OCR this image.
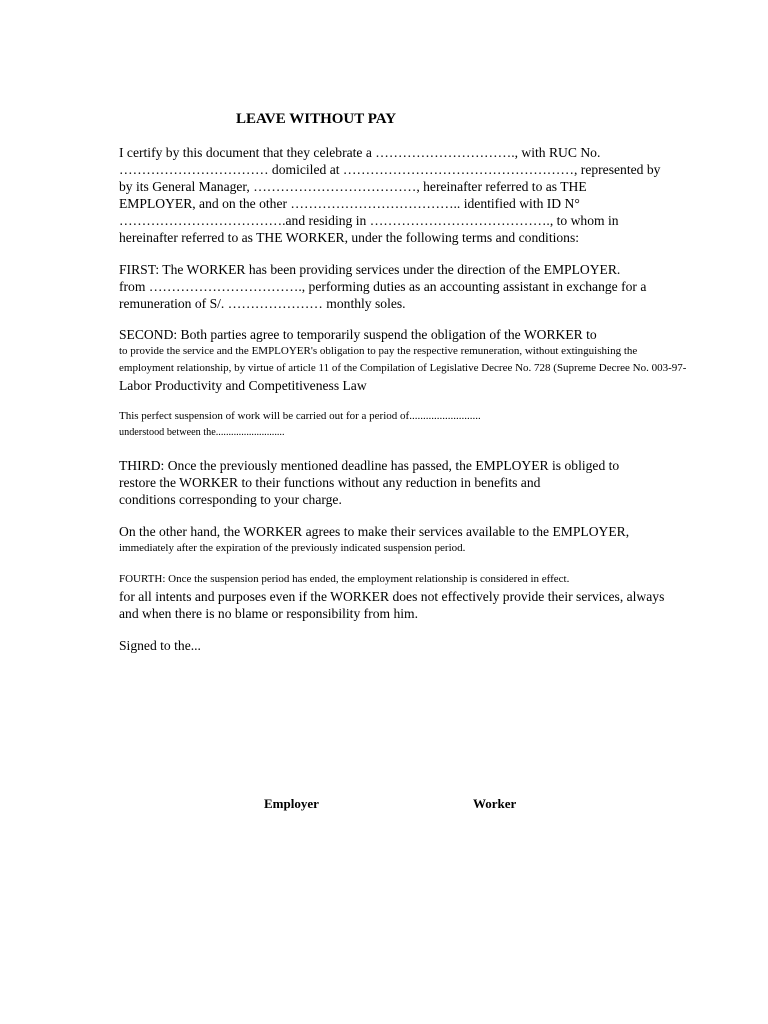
LEAVE WITHOUT PAY
I certify by this document that they celebrate a …………………………., with RUC No.
…………………………… domiciled at ……………………………………………, represented by
by its General Manager, ………………………………, hereinafter referred to as THE
EMPLOYER, and on the other ……………………………….. identified with ID N°
……………………………….and residing in …………………………………., to whom in
hereinafter referred to as THE WORKER, under the following terms and conditions:
FIRST: The WORKER has been providing services under the direction of the EMPLOYER.
from ……………………………., performing duties as an accounting assistant in exchange for a
remuneration of S/. ………………… monthly soles.
SECOND: Both parties agree to temporarily suspend the obligation of the WORKER to
to provide the service and the EMPLOYER's obligation to pay the respective remuneration, without extinguishing the
employment relationship, by virtue of article 11 of the Compilation of Legislative Decree No. 728 (Supreme Decree No. 003-97-
Labor Productivity and Competitiveness Law
This perfect suspension of work will be carried out for a period of..........................
understood between the...........................
THIRD: Once the previously mentioned deadline has passed, the EMPLOYER is obliged to
restore the WORKER to their functions without any reduction in benefits and
conditions corresponding to your charge.
On the other hand, the WORKER agrees to make their services available to the EMPLOYER,
immediately after the expiration of the previously indicated suspension period.
FOURTH: Once the suspension period has ended, the employment relationship is considered in effect.
for all intents and purposes even if the WORKER does not effectively provide their services, always
and when there is no blame or responsibility from him.
Signed to the...
Employer	Worker
